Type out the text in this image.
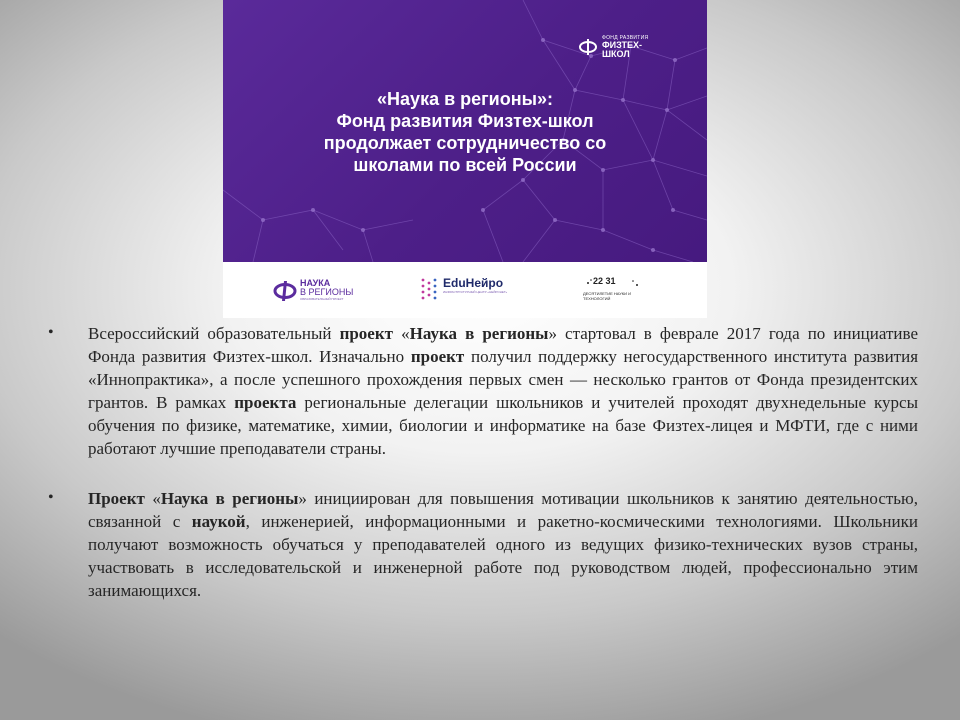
ФОНД РАЗВИТИЯ
ФИЗТЕХ-
ШКОЛ
«Наука в регионы»:
Фонд развития Физтех-школ
продолжает сотрудничество со
школами по всей России
НАУКА
В РЕГИОНЫ
ОБРАЗОВАТЕЛЬНЫЙ ПРОЕКТ
EduНейро
ИНФРАСТРУКТУРНЫЙ ЦЕНТР «НЕЙРОНЕТ»

22 31

ДЕСЯТИЛЕТИЕ НАУКИ И ТЕХНОЛОГИЙ

• Всероссийский образовательный проект «Наука в регионы» стартовал в феврале 2017 года по инициативе Фонда развития Физтех-школ. Изначально проект получил поддержку негосударственного института развития «Иннопрактика», а после успешного прохождения первых смен — несколько грантов от Фонда президентских грантов. В рамках проекта региональные делегации школьников и учителей проходят двухнедельные курсы обучения по физике, математике, химии, биологии и информатике на базе Физтех-лицея и МФТИ, где с ними работают лучшие преподаватели страны.

• Проект «Наука в регионы» инициирован для повышения мотивации школьников к занятию деятельностью, связанной с наукой, инженерией, информационными и ракетно-космическими технологиями. Школьники получают возможность обучаться у преподавателей одного из ведущих физико-технических вузов страны, участвовать в исследовательской и инженерной работе под руководством людей, профессионально этим занимающихся.
